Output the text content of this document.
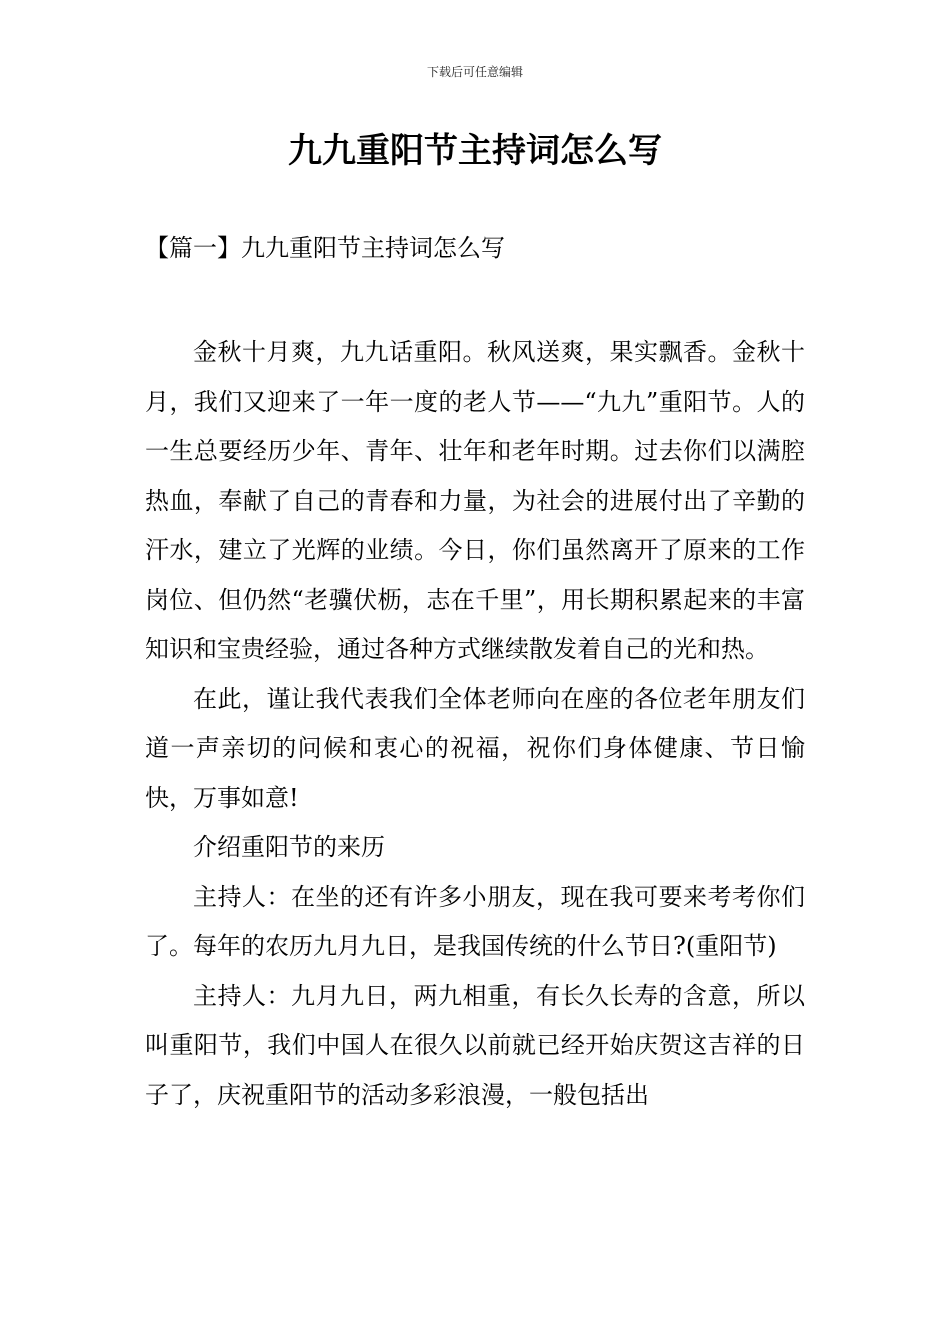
下载后可任意编辑
九九重阳节主持词怎么写
【篇一】九九重阳节主持词怎么写

金秋十月爽，九九话重阳。秋风送爽，果实飘香。金秋十月，我们又迎来了一年一度的老人节——“九九”重阳节。人的一生总要经历少年、青年、壮年和老年时期。过去你们以满腔热血，奉献了自己的青春和力量，为社会的进展付出了辛勤的汗水，建立了光辉的业绩。今日，你们虽然离开了原来的工作岗位、但仍然“老骥伏枥，志在千里”，用长期积累起来的丰富知识和宝贵经验，通过各种方式继续散发着自己的光和热。

在此，谨让我代表我们全体老师向在座的各位老年朋友们道一声亲切的问候和衷心的祝福，祝你们身体健康、节日愉快，万事如意!

介绍重阳节的来历

主持人：在坐的还有许多小朋友，现在我可要来考考你们了。每年的农历九月九日，是我国传统的什么节日?(重阳节)

主持人：九月九日，两九相重，有长久长寿的含意，所以叫重阳节，我们中国人在很久以前就已经开始庆贺这吉祥的日子了，庆祝重阳节的活动多彩浪漫，一般包括出
